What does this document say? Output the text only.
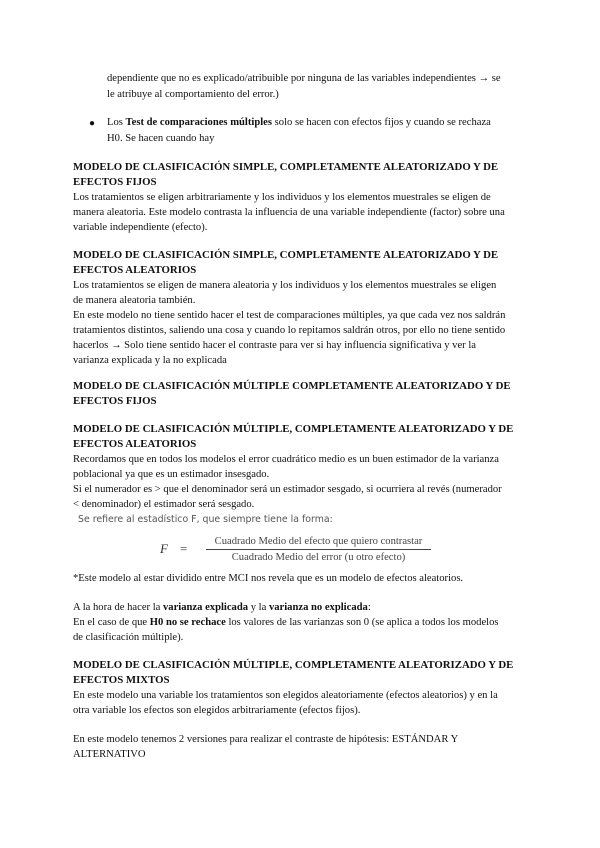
dependiente que no es explicado/atribuible por ninguna de las variables independientes → se
le atribuye al comportamiento del error.)
● Los Test de comparaciones múltiples solo se hacen con efectos fijos y cuando se rechaza
H0. Se hacen cuando hay
MODELO DE CLASIFICACIÓN SIMPLE, COMPLETAMENTE ALEATORIZADO Y DE
EFECTOS FIJOS
Los tratamientos se eligen arbitrariamente y los individuos y los elementos muestrales se eligen de
manera aleatoria. Este modelo contrasta la influencia de una variable independiente (factor) sobre una
variable independiente (efecto).
MODELO DE CLASIFICACIÓN SIMPLE, COMPLETAMENTE ALEATORIZADO Y DE
EFECTOS ALEATORIOS
Los tratamientos se eligen de manera aleatoria y los individuos y los elementos muestrales se eligen
de manera aleatoria también.
En este modelo no tiene sentido hacer el test de comparaciones múltiples, ya que cada vez nos saldrán
tratamientos distintos, saliendo una cosa y cuando lo repitamos saldrán otros, por ello no tiene sentido
hacerlos → Solo tiene sentido hacer el contraste para ver si hay influencia significativa y ver la
varianza explicada y la no explicada
MODELO DE CLASIFICACIÓN MÚLTIPLE COMPLETAMENTE ALEATORIZADO Y DE
EFECTOS FIJOS
MODELO DE CLASIFICACIÓN MÚLTIPLE, COMPLETAMENTE ALEATORIZADO Y DE
EFECTOS ALEATORIOS
Recordamos que en todos los modelos el error cuadrático medio es un buen estimador de la varianza
poblacional ya que es un estimador insesgado.
Si el numerador es > que el denominador será un estimador sesgado, si ocurriera al revés (numerador
< denominador) el estimador será sesgado.
Se refiere al estadístico F, que siempre tiene la forma:
F =	Cuadrado Medio del efecto que quiero contrastar
Cuadrado Medio del error (u otro efecto)
*Este modelo al estar dividido entre MCI nos revela que es un modelo de efectos aleatorios.
A la hora de hacer la varianza explicada y la varianza no explicada:
En el caso de que H0 no se rechace los valores de las varianzas son 0 (se aplica a todos los modelos
de clasificación múltiple).
MODELO DE CLASIFICACIÓN MÚLTIPLE, COMPLETAMENTE ALEATORIZADO Y DE
EFECTOS MIXTOS
En este modelo una variable los tratamientos son elegidos aleatoriamente (efectos aleatorios) y en la
otra variable los efectos son elegidos arbitrariamente (efectos fijos).
En este modelo tenemos 2 versiones para realizar el contraste de hipótesis: ESTÁNDAR Y
ALTERNATIVO
